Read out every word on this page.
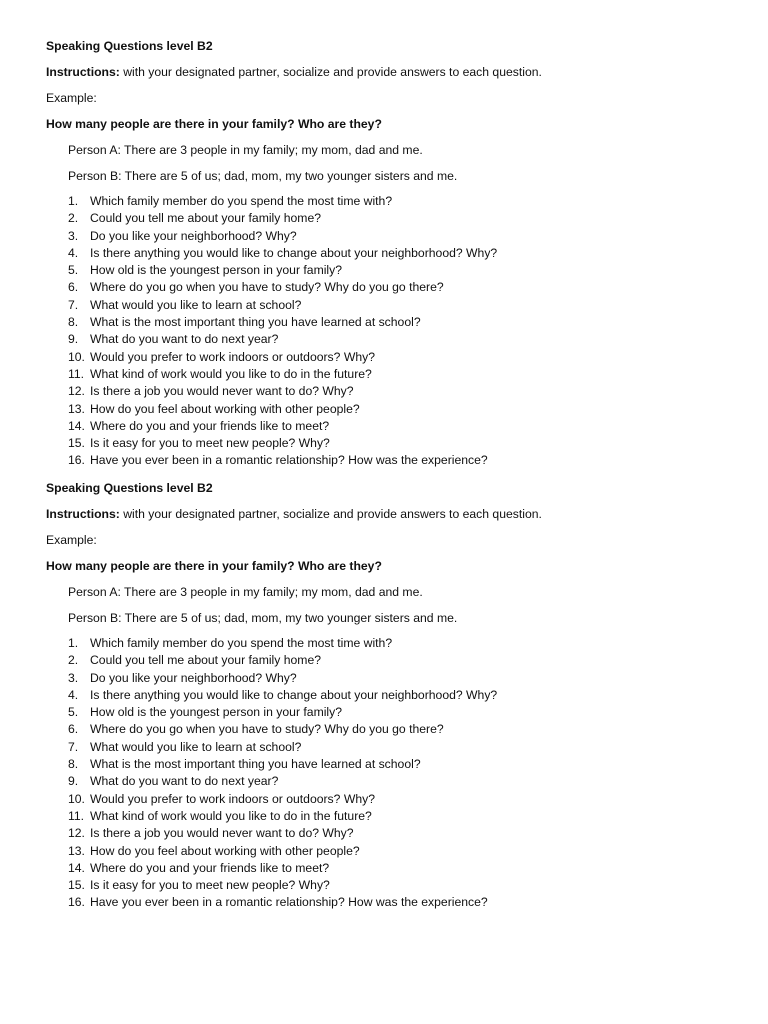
Speaking Questions level B2
Instructions: with your designated partner, socialize and provide answers to each question.
Example:
How many people are there in your family? Who are they?
Person A: There are 3 people in my family; my mom, dad and me.
Person B: There are 5 of us; dad, mom, my two younger sisters and me.
1. Which family member do you spend the most time with?
2. Could you tell me about your family home?
3. Do you like your neighborhood? Why?
4. Is there anything you would like to change about your neighborhood? Why?
5. How old is the youngest person in your family?
6. Where do you go when you have to study? Why do you go there?
7. What would you like to learn at school?
8. What is the most important thing you have learned at school?
9. What do you want to do next year?
10. Would you prefer to work indoors or outdoors? Why?
11. What kind of work would you like to do in the future?
12. Is there a job you would never want to do? Why?
13. How do you feel about working with other people?
14. Where do you and your friends like to meet?
15. Is it easy for you to meet new people? Why?
16. Have you ever been in a romantic relationship? How was the experience?
Speaking Questions level B2
Instructions: with your designated partner, socialize and provide answers to each question.
Example:
How many people are there in your family? Who are they?
Person A: There are 3 people in my family; my mom, dad and me.
Person B: There are 5 of us; dad, mom, my two younger sisters and me.
1. Which family member do you spend the most time with?
2. Could you tell me about your family home?
3. Do you like your neighborhood? Why?
4. Is there anything you would like to change about your neighborhood? Why?
5. How old is the youngest person in your family?
6. Where do you go when you have to study? Why do you go there?
7. What would you like to learn at school?
8. What is the most important thing you have learned at school?
9. What do you want to do next year?
10. Would you prefer to work indoors or outdoors? Why?
11. What kind of work would you like to do in the future?
12. Is there a job you would never want to do? Why?
13. How do you feel about working with other people?
14. Where do you and your friends like to meet?
15. Is it easy for you to meet new people? Why?
16. Have you ever been in a romantic relationship? How was the experience?
